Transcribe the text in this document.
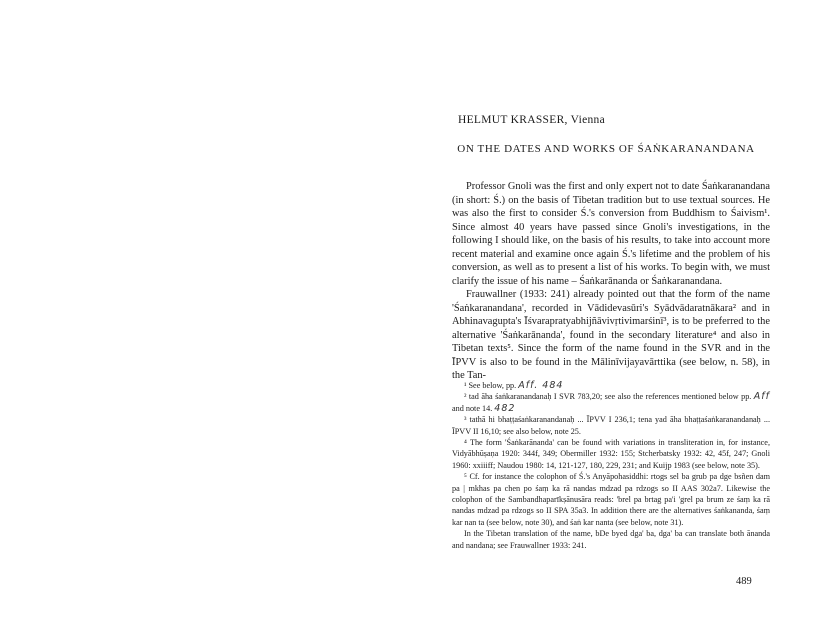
HELMUT KRASSER, Vienna
ON THE DATES AND WORKS OF ŚAṄKARANANDANA

Professor Gnoli was the first and only expert not to date Śaṅkaranandana (in short: Ś.) on the basis of Tibetan tradition but to use textual sources. He was also the first to consider Ś.'s conversion from Buddhism to Śaivism¹. Since almost 40 years have passed since Gnoli's investigations, in the following I should like, on the basis of his results, to take into account more recent material and examine once again Ś.'s lifetime and the problem of his conversion, as well as to present a list of his works. To begin with, we must clarify the issue of his name – Śaṅkarānanda or Śaṅkaranandana.

Frauwallner (1933: 241) already pointed out that the form of the name 'Śaṅkaranandana', recorded in Vādidevasūri's Syādvādaratnākara² and in Abhinavagupta's Īśvarapratyabhijñāvivṛtivimarśinī³, is to be preferred to the alternative 'Śaṅkarānanda', found in the secondary literature⁴ and also in Tibetan texts⁵. Since the form of the name found in the SVR and in the ĪPVV is also to be found in the Mālinīvijayavārttika (see below, n. 58), in the Tan-

¹ See below, pp. Aff. 484

² tad āha śaṅkaranandanaḥ I SVR 783,20; see also the references mentioned below pp. Aff and note 14. 482

³ tathā hi bhaṭṭaśaṅkaranandanaḥ ... ĪPVV I 236,1; tena yad āha bhaṭṭaśaṅkaranandanaḥ ... ĪPVV II 16,10; see also below, note 25.

⁴ The form 'Śaṅkarānanda' can be found with variations in transliteration in, for instance, Vidyābhūṣaṇa 1920: 344f, 349; Obermiller 1932: 155; Stcherbatsky 1932: 42, 45f, 247; Gnoli 1960: xxiiiff; Naudou 1980: 14, 121-127, 180, 229, 231; and Kuijp 1983 (see below, note 35).

⁵ Cf. for instance the colophon of Ś.'s Anyāpohasiddhi: rtogs sel ba grub pa dge bsñen dam pa | mkhas pa chen po śaṃ ka rā nandas mdzad pa rdzogs so II AAS 302a7. Likewise the colophon of the Sambandhaparīkṣānusāra reads: 'brel pa brtag pa'i 'grel pa brum ze śaṃ ka rā nandas mdzad pa rdzogs so II SPA 35a3. In addition there are the alternatives śaṅkananda, śaṃ kar nan ta (see below, note 30), and śaṅ kar nanta (see below, note 31).

In the Tibetan translation of the name, bDe byed dga' ba, dga' ba can translate both ānanda and nandana; see Frauwallner 1933: 241.

489
